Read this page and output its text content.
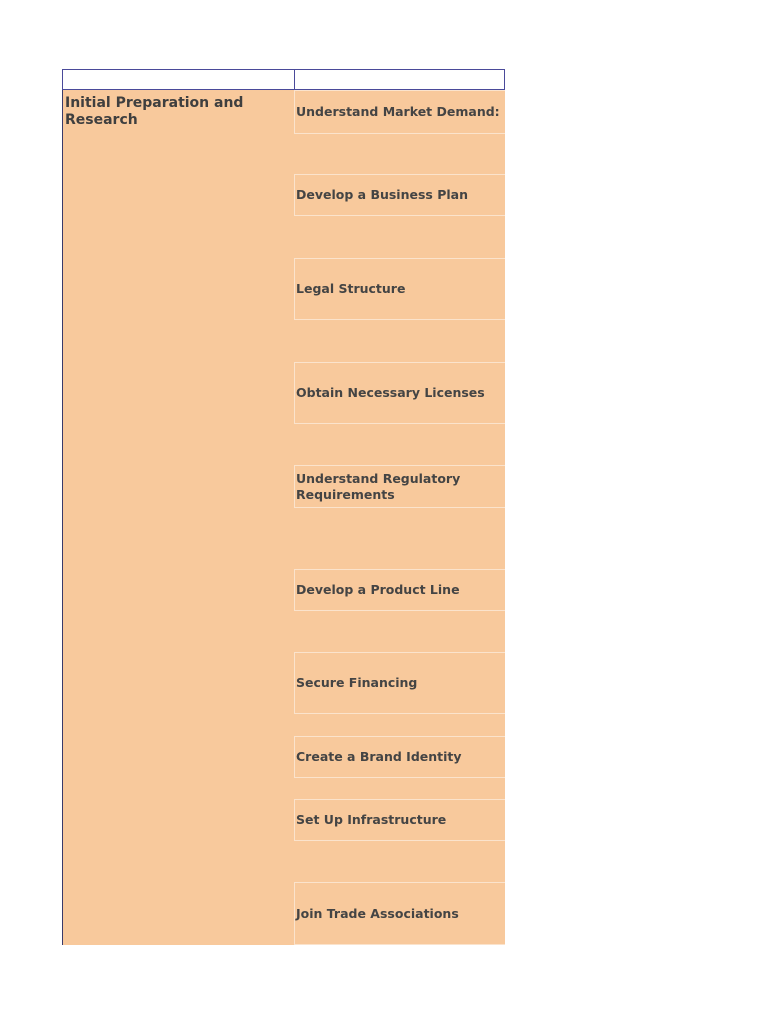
Initial Preparation and Research
Understand Market Demand:
Develop a Business Plan
Legal Structure
Obtain Necessary Licenses
Understand Regulatory Requirements
Develop a Product Line
Secure Financing
Create a Brand Identity
Set Up Infrastructure
Join Trade Associations
